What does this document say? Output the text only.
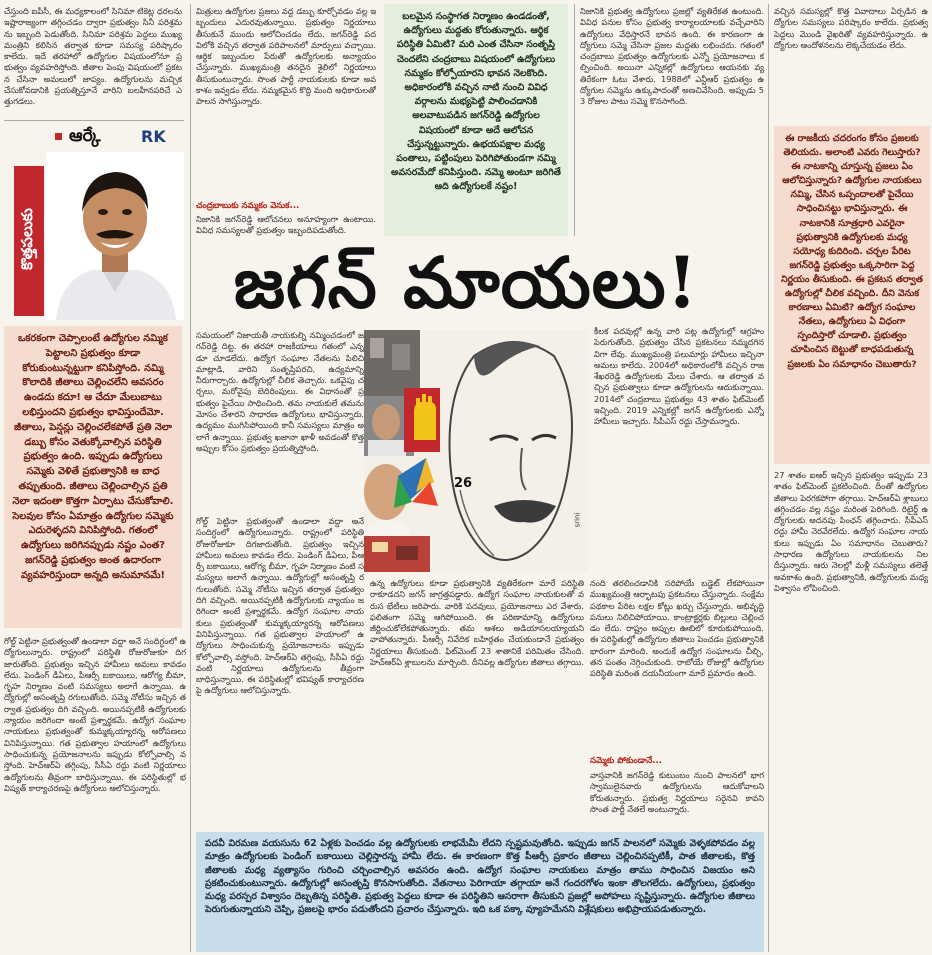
చేస్తుంది ఐపీసీ, ఈ మధ్యకాలంలో సినిమా టికెట్ల ధరలను ఇష్టారాజ్యంగా తగ్గించడం ద్వారా ప్రభుత్వం సినీ పరిశ్రమను ఇబ్బంది పెడుతోంది. సినిమా పరిశ్రమ పెద్దలు ముఖ్యమంత్రిని కలిసిన తర్వాత కూడా సమస్య పరిష్కారం కాలేదు. ఇదే తరహాలో ఉద్యోగుల విషయంలోనూ ప్రభుత్వం వ్యవహరిస్తోంది. జీతాల పెంపు విషయంలో ప్రకటన చేసినా అమలులో జాప్యం. ఉద్యోగులను మచ్చిక చేసుకోవడానికి ప్రయత్నిస్తూనే వారిని బలహీనపరిచే ఎత్తుగడలు.
ఆర్కే	RK
కొత్తపలుకు
ఒకరకంగా చెప్పాలంటే ఉద్యోగుల నమ్మిక పెట్టాలని ప్రభుత్వం కూడా కోరుకుంటున్నట్టుగా కనిపిస్తోంది. నమ్మి కొలాదికి జీతాలు చెల్లించలేని ఆవసరం ఉండదు కదూ! ఆ చేదూ మేలుబాటు లభిస్తుందని ప్రభుత్వం భావిస్తుందేమో. జీతాలు, పెన్షన్లు చెల్లించలేకపోతే ప్రతి నెలా డబ్బు కోసం వెతుక్కోవాల్సిన పరిస్థితి ప్రభుత్వం ఉంది. ఇప్పుడు ఉద్యోగులు సమ్మెకు వెళితే ప్రభుత్వానికి ఆ బాధ తప్పుతుంది. జీతాలు చెల్లించాల్సిన ప్రతి నెలా ఇదంతా కొత్తగా ఏర్పాటు చేసుకోవాలి. సెలవుల కోసం ఏమాత్రం ఉద్యోగుల సమ్మెకు ఎదురెళ్ళదని వినిపిస్తోంది. గతంలో ఉద్యోగులు జరిగినప్పుడు నష్టం ఎంత? జగన్‌రెడ్డి ప్రభుత్వం అంత ఉదారంగా వ్యవహరిస్తుందా అన్నది అనుమానమే!
గోల్డ్ పెట్టినా ప్రభుత్వంతో ఉండాలా వద్దా అనే సందిగ్ధంలో ఉద్యోగులున్నారు. రాష్ట్రంలో పరిస్థితి రోజురోజుకూ దిగజారుతోంది. ప్రభుత్వం ఇచ్చిన హామీలు అమలు కావడం లేదు. పెండింగ్ డీఏలు, పీఆర్సీ బకాయిలు, ఆరోగ్య బీమా, గృహ నిర్మాణం వంటి సమస్యలు అలాగే ఉన్నాయి. ఉద్యోగుల్లో అసంతృప్తి రగులుతోంది. సమ్మె నోటీసు ఇచ్చిన తర్వాత ప్రభుత్వం దిగి వచ్చింది. అయినప్పటికీ ఉద్యోగులకు న్యాయం జరిగిందా అంటే ప్రశ్నార్థకమే. ఉద్యోగ సంఘాల నాయకులు ప్రభుత్వంతో కుమ్మక్కయ్యారన్న ఆరోపణలు వినిపిస్తున్నాయి. గత ప్రభుత్వాల హయాంలో ఉద్యోగులు సాధించుకున్న ప్రయోజనాలను ఇప్పుడు కోల్పోవాల్సి వస్తోంది. హెచ్ఆర్ఏ తగ్గింపు, సీసీఏ రద్దు వంటి నిర్ణయాలు ఉద్యోగులను తీవ్రంగా బాధిస్తున్నాయి. ఈ పరిస్థితుల్లో భవిష్యత్ కార్యాచరణపై ఉద్యోగులు ఆలోచిస్తున్నారు.
మిత్రులు ఉద్యోగుల ప్రజలు వద్ద డబ్బు కూర్చోవడం వల్ల ఇబ్బందులు ఎదురవుతున్నాయి. ప్రభుత్వం నిర్ణయాలు తీసుకునే ముందు ఆలోచించడం లేదు. జగన్‌రెడ్డి పదవిలోకి వచ్చిన తర్వాత పరిపాలనలో మార్పులు వచ్చాయి. ఆర్థిక ఇబ్బందుల పేరుతో ఉద్యోగులకు అన్యాయం చేస్తున్నారు. ముఖ్యమంత్రి తనదైన శైలిలో నిర్ణయాలు తీసుకుంటున్నారు. సొంత పార్టీ నాయకులకు కూడా అవకాశం ఇవ్వడం లేదు. నమ్మకమైన కొద్ది మంది అధికారులతో పాలన సాగిస్తున్నారు.
చంద్రబాబుకు నమ్మకం వెనుక...
నిజానికి జగన్‌రెడ్డి ఆలోచనలు అనూహ్యంగా ఉంటాయి. వివిధ సమస్యలతో ప్రభుత్వం ఇబ్బందిపడుతోంది.
బలమైన సంస్థాగత నిర్మాణం ఉండడంతో, ఉద్యోగులు మద్దతు కోరుతున్నారు. ఆర్థిక పరిస్థితి ఏమిటి? మరి ఎంత చేసినా సంతృప్తి చెందలేని చంద్రబాబు విషయంలో ఉద్యోగులు నమ్మకం కోల్పోయారని భావన నెలకొంది. అధికారంలోకి వచ్చిన నాటి నుంచి వివిధ వర్గాలను మభ్యపెట్టి పాలించడానికి అలవాటుపడిన జగన్‌రెడ్డి ఉద్యోగుల విషయంలో కూడా అదే ఆలోచన చేస్తున్నట్టున్నారు. ఉభయపక్షాల మధ్య పంతాలు, పట్టింపులు పెరిగిపోతుండగా నమ్మి అవసరమేదో కనిపిస్తుంది. నమ్మె అంటూ జరిగితే ఆది ఉద్యోగులకే నష్టం!
నిజానికి ప్రభుత్వ ఉద్యోగులు ప్రజల్లో వ్యతిరేకత ఉంటుంది. వివిధ పనుల కోసం ప్రభుత్వ కార్యాలయాలకు వచ్చేవారిని ఉద్యోగులు వేధిస్తారనే భావన ఉంది. ఈ కారణంగా ఉద్యోగులు సమ్మె చేసినా ప్రజల మద్దతు లభించదు. గతంలో చంద్రబాబు ప్రభుత్వం ఉద్యోగులకు ఎన్నో ప్రయోజనాలు కల్పించింది. అయినా ఎన్నికల్లో ఉద్యోగులు ఆయనకు వ్యతిరేకంగా ఓటు వేశారు. 1988లో ఎన్టీఆర్ ప్రభుత్వం ఉద్యోగుల సమ్మెను ఉక్కుపాదంతో అణచివేసింది. అప్పుడు 53 రోజుల పాటు సమ్మె కొనసాగింది.
వచ్చిన సమస్యల్లో కొత్త వివాదాలు ఏర్పడిన ఉద్యోగుల సమస్యలు పరిష్కారం కాలేదు. ప్రభుత్వ పెద్దలు మొండి వైఖరితో వ్యవహరిస్తున్నారు. ఉద్యోగుల ఆందోళనలను లెక్కచేయడం లేదు.
ఈ రాజకీయ చదరంగం కోసం ప్రజలకు తెలియదు. అలాంటి ఎవరు గెలుస్తారు? ఈ నాటకాన్ని చూస్తున్న ప్రజలు ఏం ఆలోచిస్తున్నారు? ఉద్యోగుల నాయకులు నమ్మి, చేసిన ఒప్పందాలతో పైచేయి సాధించినట్టు భావిస్తున్నారు. ఈ నాటకానికి సూత్రధారి ఎవరైనా ప్రభుత్వానికి ఉద్యోగులకు మధ్య సయోధ్య కుదిరింది. చర్చల పేరిట జగన్‌రెడ్డి ప్రభుత్వం ఒక్కసారిగా పెద్ద నిర్ణయం తీసుకుంది. ఈ ప్రకటన తర్వాత ఉద్యోగుల్లో చీలిక వచ్చింది. దీని వెనుక కారణాలు ఏమిటి? ఉద్యోగ సంఘాల నేతలు, ఉద్యోగులు ఏ విధంగా స్పందిస్తారో చూడాలి. ప్రభుత్వం చూపించిన బెట్టుతో బాధపడుతున్న ప్రజలకు ఏం సమాధానం చెబుతారు?
27 శాతం ఐఆర్ ఇచ్చిన ప్రభుత్వం ఇప్పుడు 23 శాతం ఫిట్‌మెంట్ ప్రకటించింది. దీంతో ఉద్యోగుల జీతాలు పెరగకపోగా తగ్గాయి. హెచ్ఆర్ఏ శ్లాబులు తగ్గించడం వల్ల నష్టం మరింత పెరిగింది. రిటైర్డ్ ఉద్యోగులకు అదనపు పింఛన్ తగ్గించారు. సీపీఎస్ రద్దు హామీ నెరవేరలేదు. ఉద్యోగ సంఘాల నాయకులు ఇప్పుడు ఏం సమాధానం చెబుతారు? సాధారణ ఉద్యోగులు నాయకులను నిలదీస్తున్నారు. ఆరు నెలల్లో మళ్లీ సమస్యలు తలెత్తే అవకాశం ఉంది. ప్రభుత్వానికి, ఉద్యోగులకు మధ్య విశ్వాసం లోపించింది.
జగన్ మాయలు!
సమయంలో నిజాయతీ నాయకుల్ని నమ్మించడంలో జగన్‌రెడ్డి దిట్ట. ఈ తరహా రాజకీయాలు గతంలో ఎన్నడూ చూడలేదు. ఉద్యోగ సంఘాల నేతలను పిలిచి మాట్లాడి, వారిని సంతృప్తిపరచి, ఉద్యమాన్ని నీరుగార్చారు. ఉద్యోగుల్లో చీలిక తెచ్చారు. ఒకవైపు చర్చలు, మరోవైపు బెదిరింపులు. ఈ విధానంతో ప్రభుత్వం పైచేయి సాధించింది. తమ నాయకులే తమను మోసం చేశారని సాధారణ ఉద్యోగులు భావిస్తున్నారు. ఉద్యమం ముగిసిపోయింది కానీ సమస్యలు మాత్రం అలాగే ఉన్నాయి. ప్రభుత్వ ఖజానా ఖాళీ అవడంతో కొత్త అప్పుల కోసం ప్రభుత్వం ప్రయత్నిస్తోంది.
26
srini
కీలక పదవుల్లో ఉన్న వారి పట్ల ఉద్యోగుల్లో ఆగ్రహం పెరుగుతోంది. ప్రభుత్వం చేసిన ప్రకటనలు నమ్మదగినవిగా లేవు. ముఖ్యమంత్రి పలుమార్లు హామీలు ఇచ్చినా అమలు కాలేదు. 2004లో అధికారంలోకి వచ్చిన రాజశేఖరరెడ్డి ఉద్యోగులకు మేలు చేశారు. ఆ తర్వాత వచ్చిన ప్రభుత్వాలు కూడా ఉద్యోగులను ఆదుకున్నాయి. 2014లో చంద్రబాబు ప్రభుత్వం 43 శాతం ఫిట్‌మెంట్ ఇచ్చింది. 2019 ఎన్నికల్లో జగన్ ఉద్యోగులకు ఎన్నో హామీలు ఇచ్చారు. సీపీఎస్ రద్దు చేస్తామన్నారు.
గోల్డ్ పెట్టినా ప్రభుత్వంతో ఉండాలా వద్దా అనే సందిగ్ధంలో ఉద్యోగులున్నారు. రాష్ట్రంలో పరిస్థితి రోజురోజుకూ దిగజారుతోంది. ప్రభుత్వం ఇచ్చిన హామీలు అమలు కావడం లేదు. పెండింగ్ డీఏలు, పీఆర్సీ బకాయిలు, ఆరోగ్య బీమా, గృహ నిర్మాణం వంటి సమస్యలు అలాగే ఉన్నాయి. ఉద్యోగుల్లో అసంతృప్తి రగులుతోంది. సమ్మె నోటీసు ఇచ్చిన తర్వాత ప్రభుత్వం దిగి వచ్చింది. అయినప్పటికీ ఉద్యోగులకు న్యాయం జరిగిందా అంటే ప్రశ్నార్థకమే. ఉద్యోగ సంఘాల నాయకులు ప్రభుత్వంతో కుమ్మక్కయ్యారన్న ఆరోపణలు వినిపిస్తున్నాయి. గత ప్రభుత్వాల హయాంలో ఉద్యోగులు సాధించుకున్న ప్రయోజనాలను ఇప్పుడు కోల్పోవాల్సి వస్తోంది. హెచ్ఆర్ఏ తగ్గింపు, సీసీఏ రద్దు వంటి నిర్ణయాలు ఉద్యోగులను తీవ్రంగా బాధిస్తున్నాయి. ఈ పరిస్థితుల్లో భవిష్యత్ కార్యాచరణపై ఉద్యోగులు ఆలోచిస్తున్నారు.
ఉన్న ఉద్యోగులు కూడా ప్రభుత్వానికి వ్యతిరేకంగా మారే పరిస్థితి రాకూడదని జగన్ జాగ్రత్తపడ్డారు. ఉద్యోగ సంఘాల నాయకులతో వరుస భేటీలు జరిపారు. వారికి పదవులు, ప్రయోజనాలు ఎర వేశారు. ఫలితంగా సమ్మె ఆగిపోయింది. ఈ పరిణామాన్ని ఉద్యోగులు జీర్ణించుకోలేకపోతున్నారు. తమ ఆశలు అడియాసలయ్యాయని వాపోతున్నారు. పీఆర్సీ నివేదిక బహిర్గతం చేయకుండానే ప్రభుత్వం నిర్ణయాలు తీసుకుంది. ఫిట్‌మెంట్ 23 శాతానికే పరిమితం చేసింది. హెచ్ఆర్ఏ శ్లాబులను మార్చింది. దీనివల్ల ఉద్యోగుల జీతాలు తగ్గాయి.
నంది తరలించడానికి సరిపోయే బడ్జెట్ లేకపోయినా ముఖ్యమంత్రి ఆర్భాటపు ప్రకటనలు చేస్తున్నారు. సంక్షేమ పథకాల పేరిట లక్షల కోట్లు ఖర్చు చేస్తున్నారు. అభివృద్ధి పనులు నిలిచిపోయాయి. కాంట్రాక్టర్లకు బిల్లులు చెల్లించడం లేదు. రాష్ట్రం అప్పుల ఊబిలో కూరుకుపోయింది. ఈ పరిస్థితుల్లో ఉద్యోగుల జీతాలు పెంచడం ప్రభుత్వానికి భారంగా మారింది. అందుకే ఉద్యోగ సంఘాలను చీల్చి, తన పంతం నెగ్గించుకుంది. రాబోయే రోజుల్లో ఉద్యోగుల పరిస్థితి మరింత దయనీయంగా మారే ప్రమాదం ఉంది.
సమ్మెకు పోకుండానే...
వాస్తవానికి జగన్‌రెడ్డి కుటుంబం నుంచి పాలనలో భాగస్వాములైనవారు ఉద్యోగులను ఆదుకోవాలని కోరుతున్నారు. ప్రభుత్వ నిర్ణయాలు సరైనవి కావని సొంత పార్టీ నేతలే అంటున్నారు.
పదవీ విరమణ వయసును 62 ఏళ్లకు పెంచడం వల్ల ఉద్యోగులకు లాభమేమీ లేదని స్పష్టమవుతోంది. ఇప్పుడు జగన్ పాలనలో సమ్మెకు వెళ్ళకపోవడం వల్ల మాత్రం ఉద్యోగులకు పెండింగ్ బకాయిలు చెల్లిస్తారన్న హామీ లేదు. ఈ కారణంగా కొత్త పీఆర్సీ ప్రకారం జీతాలు చెల్లించినప్పటికీ, పాత జీతాలకు, కొత్త జీతాలకు మధ్య వ్యత్యాసం గురించి చర్చించాల్సిన అవసరం ఉంది. ఉద్యోగ సంఘాల నాయకులు మాత్రం తాము సాధించిన విజయం అని ప్రకటించుకుంటున్నారు. ఉద్యోగుల్లో అసంతృప్తి కొనసాగుతోంది. వేతనాలు పెరిగాయా తగ్గాయా అనే గందరగోళం ఇంకా తొలగలేదు. ఉద్యోగులు, ప్రభుత్వం మధ్య పరస్పర విశ్వాసం దెబ్బతిన్న పరిస్థితి. ప్రభుత్వ పెద్దలు కూడా ఈ పరిస్థితిని ఆసరాగా తీసుకుని ప్రజల్లో అపోహలు సృష్టిస్తున్నారు. ఉద్యోగుల జీతాలు పెరుగుతున్నాయని చెప్పి, ప్రజలపై భారం పడుతోందని ప్రచారం చేస్తున్నారు. ఇది ఒక పక్కా వ్యూహమేనని విశ్లేషకులు అభిప్రాయపడుతున్నారు.
